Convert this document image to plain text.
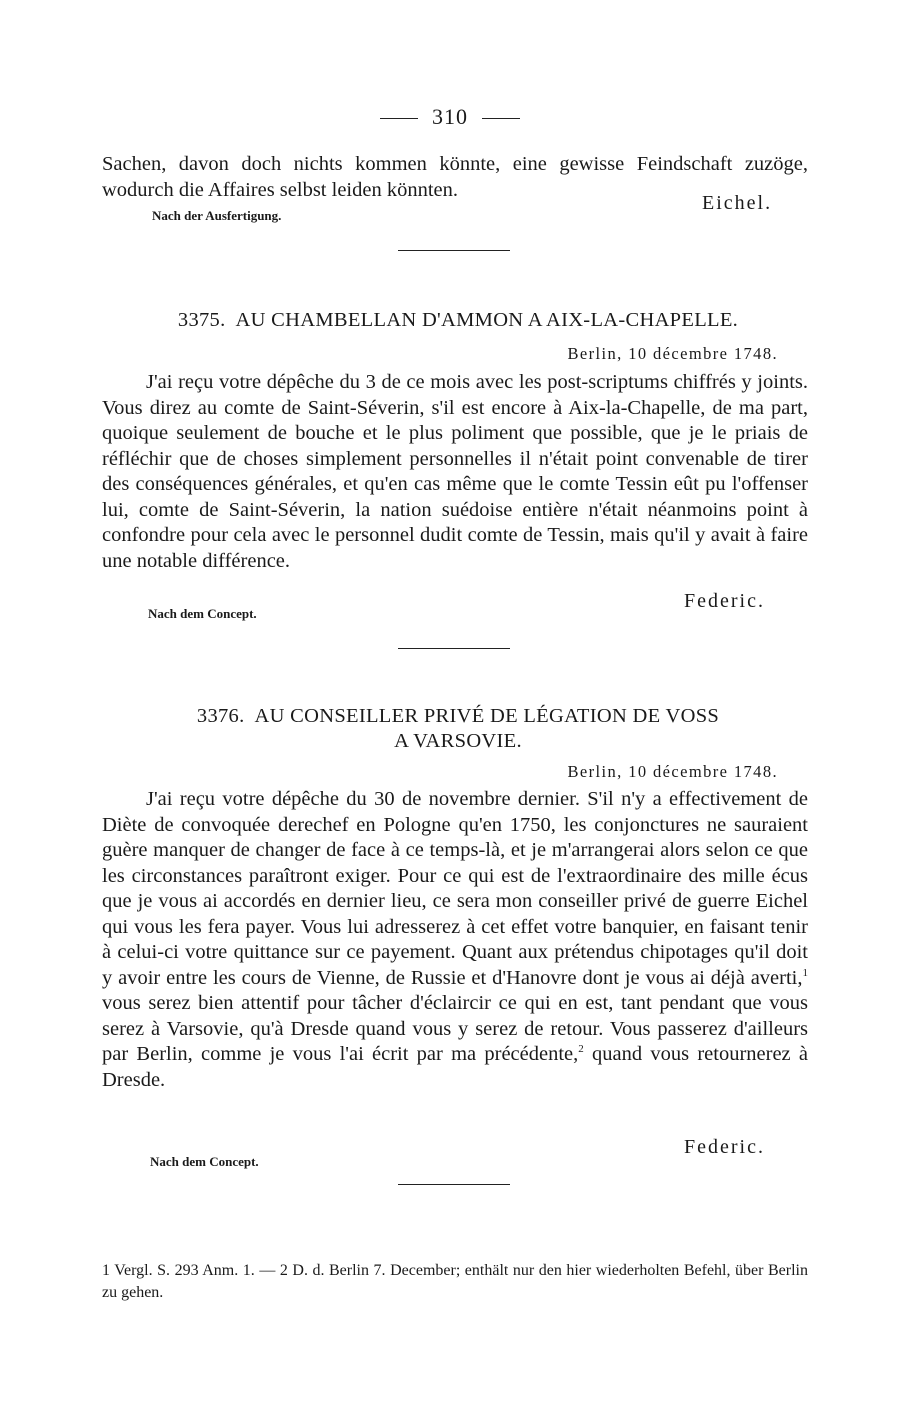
310

Sachen, davon doch nichts kommen könnte, eine gewisse Feindschaft zuzöge, wodurch die Affaires selbst leiden könnten.

Nach der Ausfertigung.

Eichel.
3375. AU CHAMBELLAN D'AMMON A AIX-LA-CHAPELLE.
Berlin, 10 décembre 1748.

J'ai reçu votre dépêche du 3 de ce mois avec les post-scriptums chiffrés y joints. Vous direz au comte de Saint-Séverin, s'il est encore à Aix-la-Chapelle, de ma part, quoique seulement de bouche et le plus poliment que possible, que je le priais de réfléchir que de choses simplement personnelles il n'était point convenable de tirer des conséquences générales, et qu'en cas même que le comte Tessin eût pu l'offenser lui, comte de Saint-Séverin, la nation suédoise entière n'était néanmoins point à confondre pour cela avec le personnel dudit comte de Tessin, mais qu'il y avait à faire une notable différence.

Nach dem Concept.

Federic.
3376. AU CONSEILLER PRIVÉ DE LÉGATION DE VOSS
A VARSOVIE.
Berlin, 10 décembre 1748.

J'ai reçu votre dépêche du 30 de novembre dernier. S'il n'y a effectivement de Diète de convoquée derechef en Pologne qu'en 1750, les conjonctures ne sauraient guère manquer de changer de face à ce temps-là, et je m'arrangerai alors selon ce que les circonstances paraîtront exiger. Pour ce qui est de l'extraordinaire des mille écus que je vous ai accordés en dernier lieu, ce sera mon conseiller privé de guerre Eichel qui vous les fera payer. Vous lui adresserez à cet effet votre banquier, en faisant tenir à celui-ci votre quittance sur ce payement. Quant aux prétendus chipotages qu'il doit y avoir entre les cours de Vienne, de Russie et d'Hanovre dont je vous ai déjà averti,$^1$ vous serez bien attentif pour tâcher d'éclaircir ce qui en est, tant pendant que vous serez à Varsovie, qu'à Dresde quand vous y serez de retour. Vous passerez d'ailleurs par Berlin, comme je vous l'ai écrit par ma précédente,$^2$ quand vous retournerez à Dresde.

Nach dem Concept.

Federic.
1 Vergl. S. 293 Anm. 1. — 2 D. d. Berlin 7. December; enthält nur den hier wiederholten Befehl, über Berlin zu gehen.
